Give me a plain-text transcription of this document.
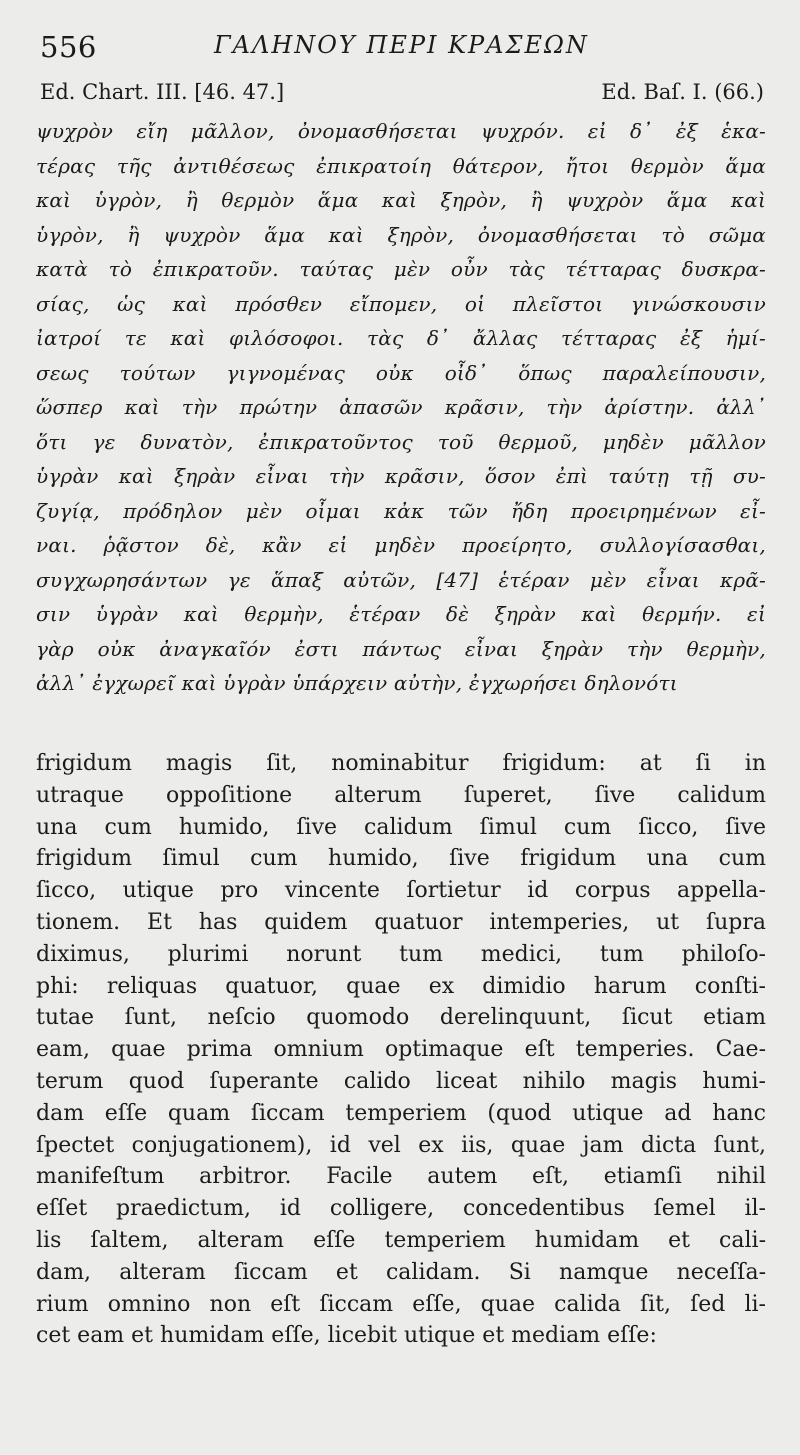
556	ΓΑΛΗΝΟΥ ΠΕΡΙ ΚΡΑΣΕΩΝ
Ed. Chart. III. [46. 47.]	Ed. Baſ. I. (66.)
ψυχρὸν εἴη μᾶλλον, ὀνομασθήσεται ψυχρόν. εἰ δ᾽ ἐξ ἑκα-
τέρας τῆς ἀντιθέσεως ἐπικρατοίη θάτερον, ἤτοι θερμὸν ἅμα
καὶ ὑγρὸν, ἢ θερμὸν ἅμα καὶ ξηρὸν, ἢ ψυχρὸν ἅμα καὶ
ὑγρὸν, ἢ ψυχρὸν ἅμα καὶ ξηρὸν, ὀνομασθήσεται τὸ σῶμα
κατὰ τὸ ἐπικρατοῦν. ταύτας μὲν οὖν τὰς τέτταρας δυσκρα-
σίας, ὡς καὶ πρόσθεν εἴπομεν, οἱ πλεῖστοι γινώσκουσιν
ἰατροί τε καὶ φιλόσοφοι. τὰς δ᾽ ἄλλας τέτταρας ἐξ ἡμί-
σεως τούτων γιγνομένας οὐκ οἶδ᾽ ὅπως παραλείπουσιν,
ὥσπερ καὶ τὴν πρώτην ἁπασῶν κρᾶσιν, τὴν ἀρίστην. ἀλλ᾽
ὅτι γε δυνατὸν, ἐπικρατοῦντος τοῦ θερμοῦ, μηδὲν μᾶλλον
ὑγρὰν καὶ ξηρὰν εἶναι τὴν κρᾶσιν, ὅσον ἐπὶ ταύτῃ τῇ συ-
ζυγίᾳ, πρόδηλον μὲν οἶμαι κἀκ τῶν ἤδη προειρημένων εἶ-
ναι. ῥᾷστον δὲ, κἂν εἰ μηδὲν προείρητο, συλλογίσασθαι,
συγχωρησάντων γε ἅπαξ αὐτῶν, [47] ἑτέραν μὲν εἶναι κρᾶ-
σιν ὑγρὰν καὶ θερμὴν, ἑτέραν δὲ ξηρὰν καὶ θερμήν. εἰ
γὰρ οὐκ ἀναγκαῖόν ἐστι πάντως εἶναι ξηρὰν τὴν θερμὴν,
ἀλλ᾽ ἐγχωρεῖ καὶ ὑγρὰν ὑπάρχειν αὐτὴν, ἐγχωρήσει δηλονότι
frigidum magis ſit, nominabitur frigidum: at ſi in
utraque oppoſitione alterum ſuperet, ſive calidum
una cum humido, ſive calidum ſimul cum ſicco, ſive
frigidum ſimul cum humido, ſive frigidum una cum
ſicco, utique pro vincente ſortietur id corpus appella-
tionem. Et has quidem quatuor intemperies, ut ſupra
diximus, plurimi norunt tum medici, tum philoſo-
phi: reliquas quatuor, quae ex dimidio harum conſti-
tutae ſunt, neſcio quomodo derelinquunt, ſicut etiam
eam, quae prima omnium optimaque eſt temperies. Cae-
terum quod ſuperante calido liceat nihilo magis humi-
dam eſſe quam ſiccam temperiem (quod utique ad hanc
ſpectet conjugationem), id vel ex iis, quae jam dicta ſunt,
manifeſtum arbitror. Facile autem eſt, etiamſi nihil
eſſet praedictum, id colligere, concedentibus ſemel il-
lis ſaltem, alteram eſſe temperiem humidam et cali-
dam, alteram ſiccam et calidam. Si namque neceſſa-
rium omnino non eſt ſiccam eſſe, quae calida ſit, ſed li-
cet eam et humidam eſſe, licebit utique et mediam eſſe:
